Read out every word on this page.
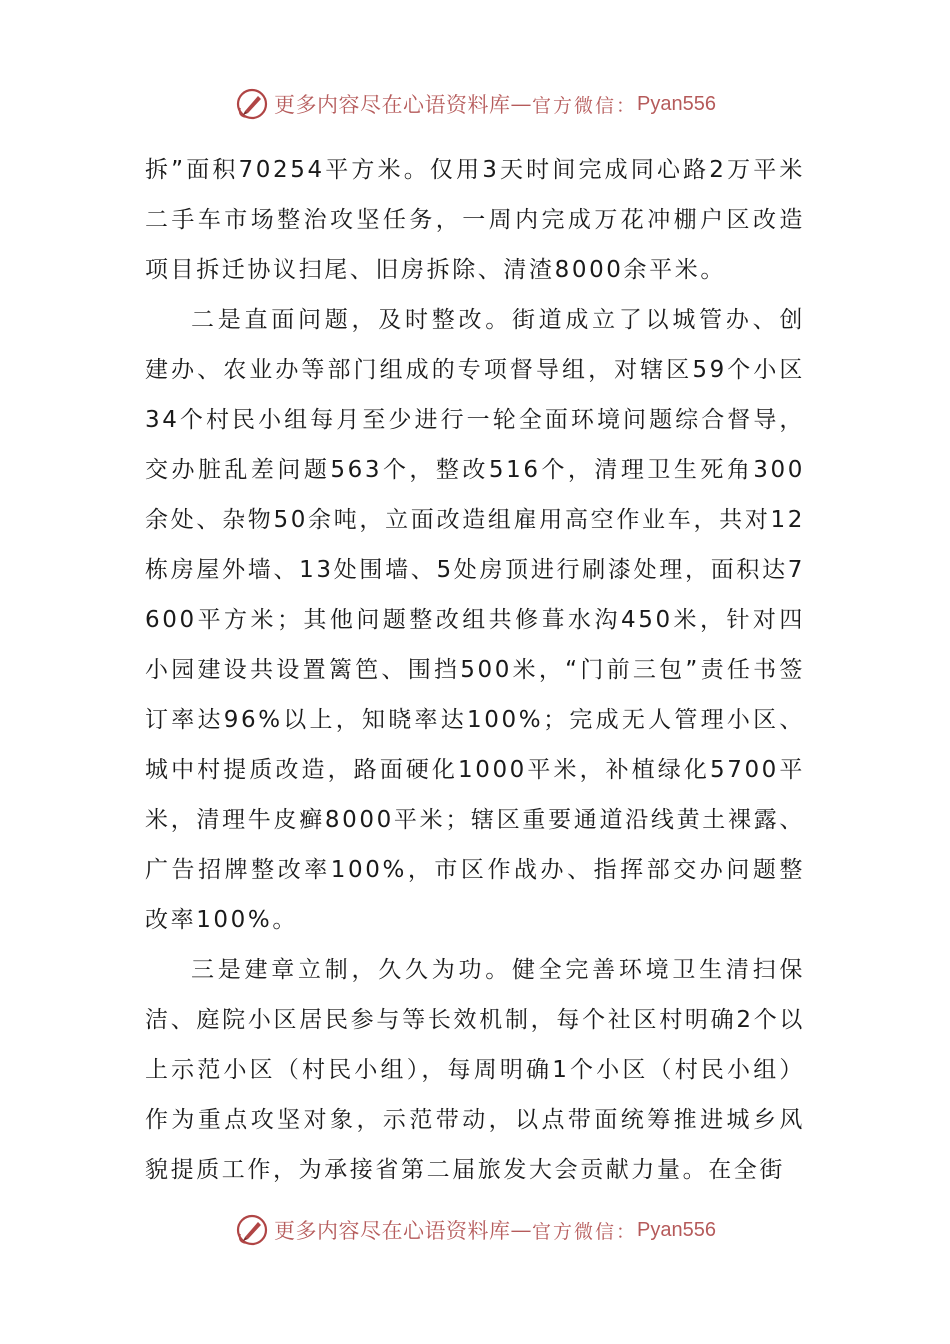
更多内容尽在心语资料库 — 官方微信： Pyan556

拆”面积70254平方米。仅用3天时间完成同心路2万平米二手车市场整治攻坚任务，一周内完成万花冲棚户区改造项目拆迁协议扫尾、旧房拆除、清渣8000余平米。

二是直面问题，及时整改。街道成立了以城管办、创建办、农业办等部门组成的专项督导组，对辖区59个小区34个村民小组每月至少进行一轮全面环境问题综合督导，交办脏乱差问题563个，整改516个，清理卫生死角300余处、杂物50余吨，立面改造组雇用高空作业车，共对12栋房屋外墙、13处围墙、5处房顶进行刷漆处理，面积达7600平方米；其他问题整改组共修葺水沟450米，针对四小园建设共设置篱笆、围挡500米，“门前三包”责任书签订率达96%以上，知晓率达100%；完成无人管理小区、城中村提质改造，路面硬化1000平米，补植绿化5700平米，清理牛皮癣8000平米；辖区重要通道沿线黄土裸露、广告招牌整改率100%，市区作战办、指挥部交办问题整改率100%。

三是建章立制，久久为功。健全完善环境卫生清扫保洁、庭院小区居民参与等长效机制，每个社区村明确2个以上示范小区（村民小组），每周明确1个小区（村民小组）作为重点攻坚对象，示范带动，以点带面统筹推进城乡风貌提质工作，为承接省第二届旅发大会贡献力量。在全街

更多内容尽在心语资料库 — 官方微信： Pyan556
